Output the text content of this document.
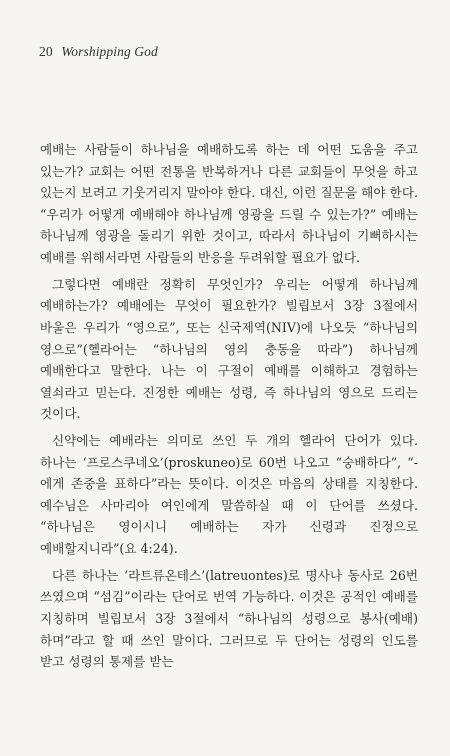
20 Worshipping God

예배는 사람들이 하나님을 예배하도록 하는 데 어떤 도움을 주고 있는가? 교회는 어떤 전통을 반복하거나 다른 교회들이 무엇을 하고 있는지 보려고 기웃거리지 말아야 한다. 대신, 이런 질문을 해야 한다. “우리가 어떻게 예배해야 하나님께 영광을 드릴 수 있는가?” 예배는 하나님께 영광을 돌리기 위한 것이고, 따라서 하나님이 기뻐하시는 예배를 위해서라면 사람들의 반응을 두려워할 필요가 없다.

그렇다면 예배란 정확히 무엇인가? 우리는 어떻게 하나님께 예배하는가? 예배에는 무엇이 필요한가? 빌립보서 3장 3절에서 바울은 우리가 “영으로”, 또는 신국제역(NIV)에 나오듯 “하나님의 영으로”(헬라어는 “하나님의 영의 충동을 따라”) 하나님께 예배한다고 말한다. 나는 이 구절이 예배를 이해하고 경험하는 열쇠라고 믿는다. 진정한 예배는 성령, 즉 하나님의 영으로 드리는 것이다.

신약에는 예배라는 의미로 쓰인 두 개의 헬라어 단어가 있다. 하나는 ‘프로스쿠네오’(proskuneo)로 60번 나오고 “숭배하다”, “-에게 존중을 표하다”라는 뜻이다. 이것은 마음의 상태를 지칭한다. 예수님은 사마리아 여인에게 말씀하실 때 이 단어를 쓰셨다. “하나님은 영이시니 예배하는 자가 신령과 진정으로 예배할지니라”(요 4:24).

다른 하나는 ‘라트류온테스’(latreuontes)로 명사나 동사로 26번 쓰였으며 “섬김”이라는 단어로 번역 가능하다. 이것은 공적인 예배를 지칭하며 빌립보서 3장 3절에서 “하나님의 성령으로 봉사(예배)하며”라고 할 때 쓰인 말이다. 그러므로 두 단어는 성령의 인도를 받고 성령의 통제를 받는
